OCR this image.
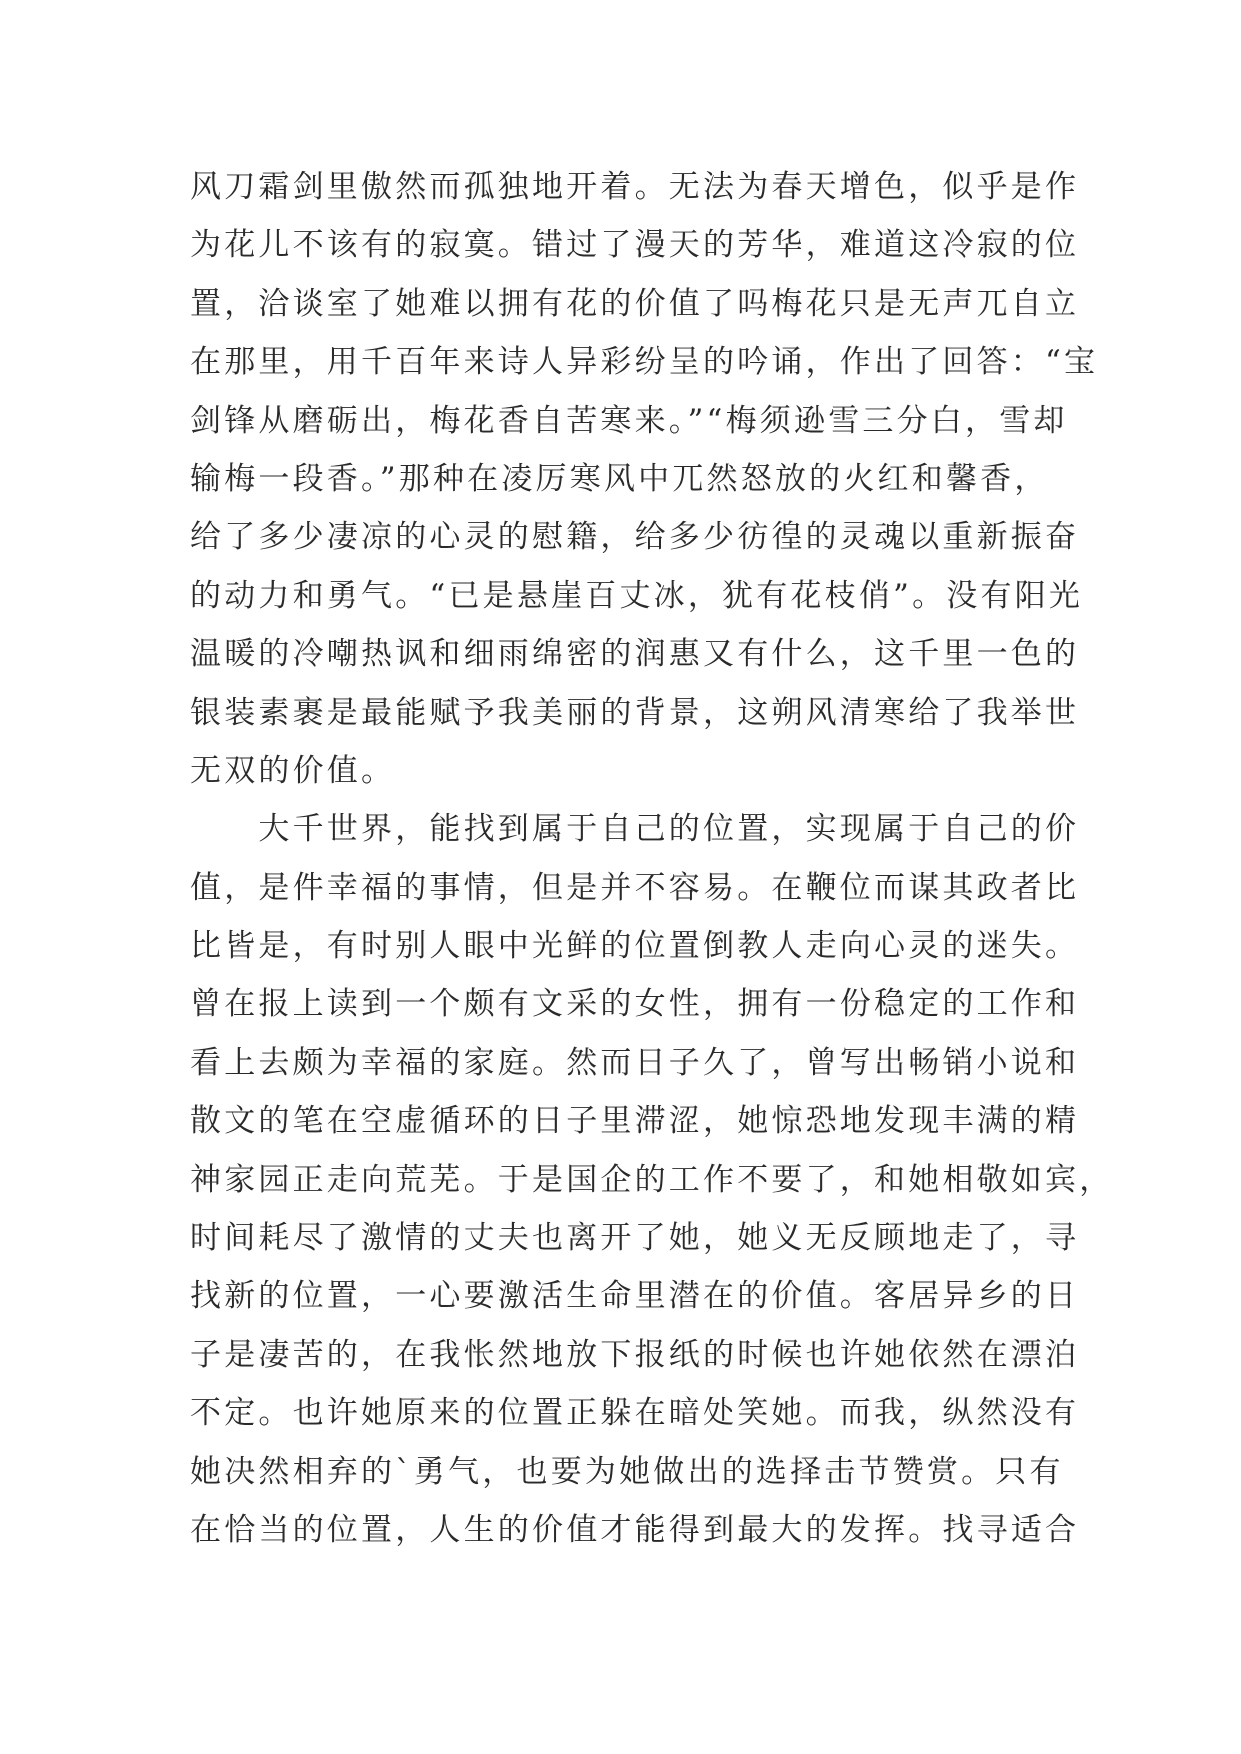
风刀霜剑里傲然而孤独地开着。无法为春天增色，似乎是作
为花儿不该有的寂寞。错过了漫天的芳华，难道这冷寂的位
置，洽谈室了她难以拥有花的价值了吗梅花只是无声兀自立
在那里，用千百年来诗人异彩纷呈的吟诵，作出了回答：“宝
剑锋从磨砺出，梅花香自苦寒来。”“梅须逊雪三分白，雪却
输梅一段香。”那种在凌厉寒风中兀然怒放的火红和馨香，
给了多少凄凉的心灵的慰籍，给多少彷徨的灵魂以重新振奋
的动力和勇气。“已是悬崖百丈冰，犹有花枝俏”。没有阳光
温暖的冷嘲热讽和细雨绵密的润惠又有什么，这千里一色的
银装素裹是最能赋予我美丽的背景，这朔风清寒给了我举世
无双的价值。
　　大千世界，能找到属于自己的位置，实现属于自己的价
值，是件幸福的事情，但是并不容易。在鞭位而谋其政者比
比皆是，有时别人眼中光鲜的位置倒教人走向心灵的迷失。
曾在报上读到一个颇有文采的女性，拥有一份稳定的工作和
看上去颇为幸福的家庭。然而日子久了，曾写出畅销小说和
散文的笔在空虚循环的日子里滞涩，她惊恐地发现丰满的精
神家园正走向荒芜。于是国企的工作不要了，和她相敬如宾，
时间耗尽了激情的丈夫也离开了她，她义无反顾地走了，寻
找新的位置，一心要激活生命里潜在的价值。客居异乡的日
子是凄苦的，在我怅然地放下报纸的时候也许她依然在漂泊
不定。也许她原来的位置正躲在暗处笑她。而我，纵然没有
她决然相弃的`勇气，也要为她做出的选择击节赞赏。只有
在恰当的位置，人生的价值才能得到最大的发挥。找寻适合
